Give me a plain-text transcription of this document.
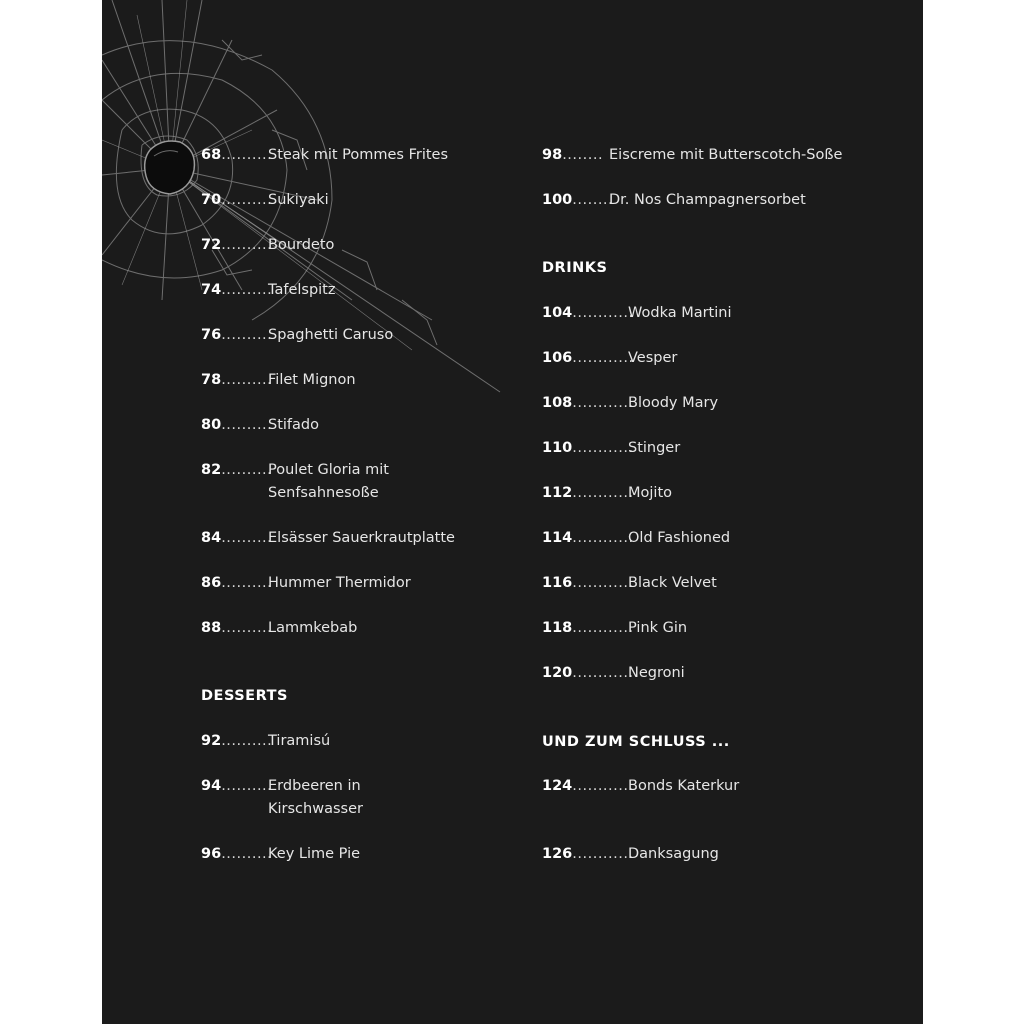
68..........
Steak mit Pommes Frites
70..........
Sukiyaki
72..........
Bourdeto
74..........
Tafelspitz
76..........
Spaghetti Caruso
78..........
Filet Mignon
80..........
Stifado
82..........
Poulet Gloria mit Senfsahnesoße
84..........
Elsässer Sauerkrautplatte
86..........
Hummer Thermidor
88..........
Lammkebab
DESSERTS
92..........
Tiramisú
94..........
Erdbeeren in Kirschwasser
96..........
Key Lime Pie
98........ Eiscreme mit Butterscotch-Soße
100........
Dr. Nos Champagnersorbet
DRINKS
104............
Wodka Martini
106............
Vesper
108............
Bloody Mary
110............
Stinger
112............
Mojito
114............
Old Fashioned
116............
Black Velvet
118............
Pink Gin
120............
Negroni
UND ZUM SCHLUSS ...
124............
Bonds Katerkur
126............
Danksagung
